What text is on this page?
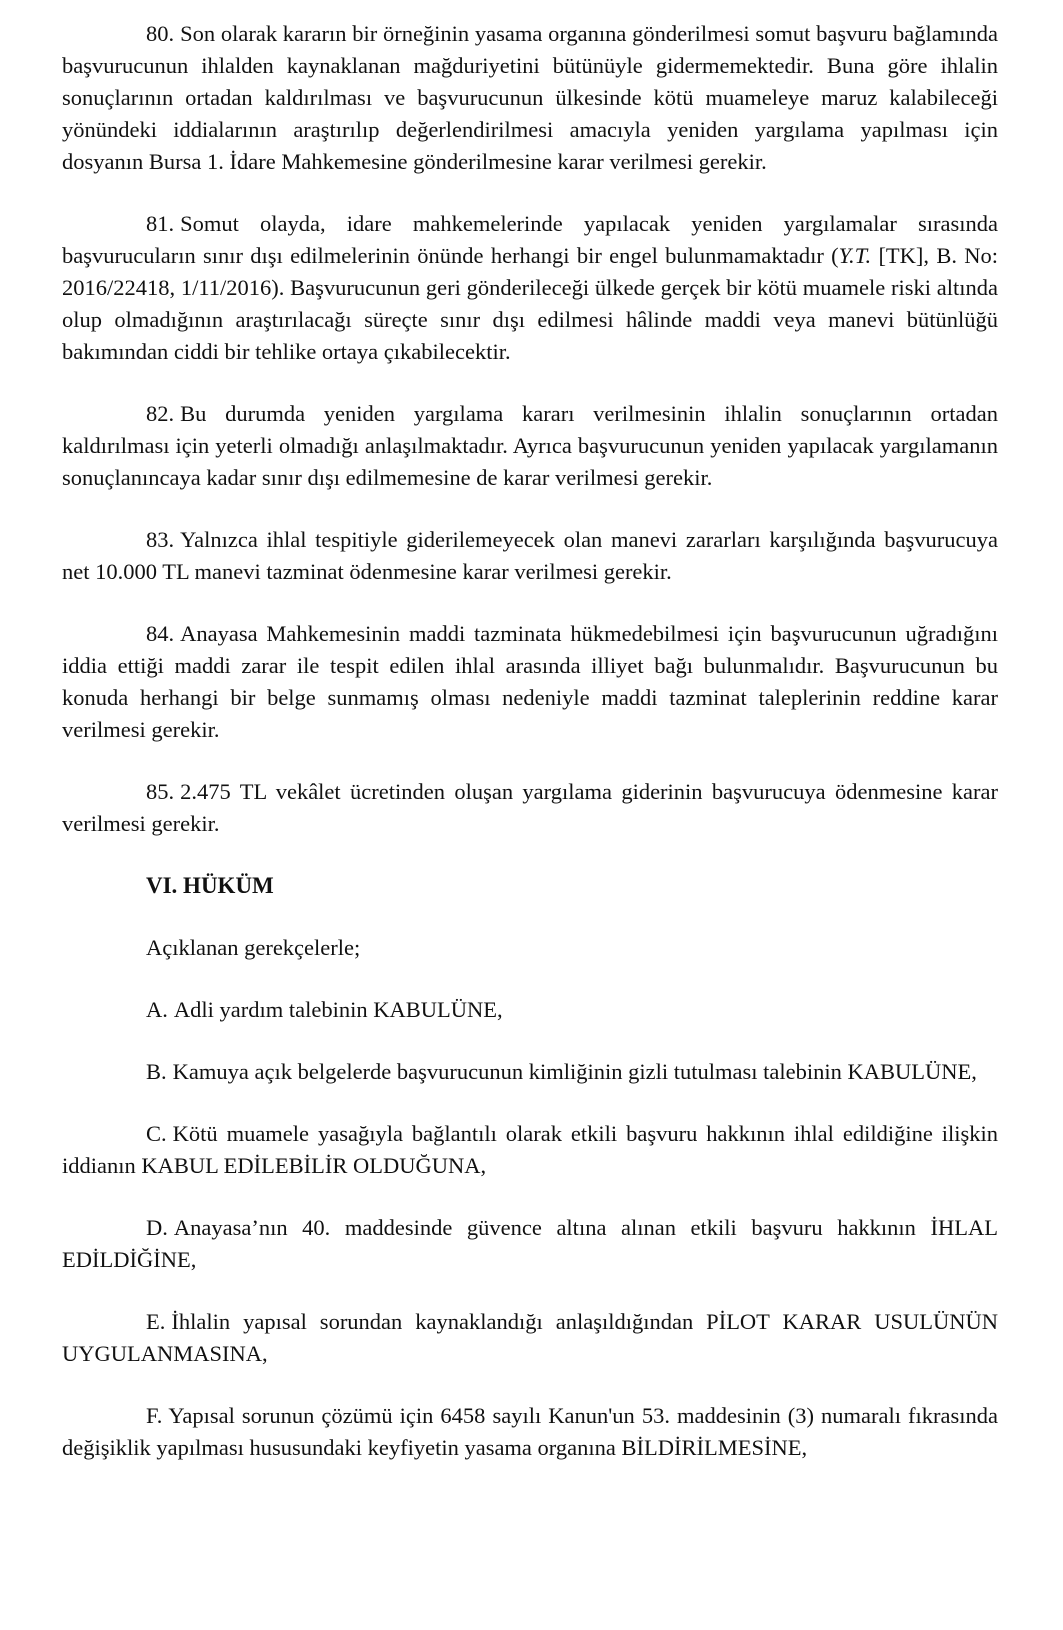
80. Son olarak kararın bir örneğinin yasama organına gönderilmesi somut başvuru bağlamında başvurucunun ihlalden kaynaklanan mağduriyetini bütünüyle gidermemektedir. Buna göre ihlalin sonuçlarının ortadan kaldırılması ve başvurucunun ülkesinde kötü muameleye maruz kalabileceği yönündeki iddialarının araştırılıp değerlendirilmesi amacıyla yeniden yargılama yapılması için dosyanın Bursa 1. İdare Mahkemesine gönderilmesine karar verilmesi gerekir.

81. Somut olayda, idare mahkemelerinde yapılacak yeniden yargılamalar sırasında başvurucuların sınır dışı edilmelerinin önünde herhangi bir engel bulunmamaktadır (Y.T. [TK], B. No: 2016/22418, 1/11/2016). Başvurucunun geri gönderileceği ülkede gerçek bir kötü muamele riski altında olup olmadığının araştırılacağı süreçte sınır dışı edilmesi hâlinde maddi veya manevi bütünlüğü bakımından ciddi bir tehlike ortaya çıkabilecektir.

82. Bu durumda yeniden yargılama kararı verilmesinin ihlalin sonuçlarının ortadan kaldırılması için yeterli olmadığı anlaşılmaktadır. Ayrıca başvurucunun yeniden yapılacak yargılamanın sonuçlanıncaya kadar sınır dışı edilmemesine de karar verilmesi gerekir.

83. Yalnızca ihlal tespitiyle giderilemeyecek olan manevi zararları karşılığında başvurucuya net 10.000 TL manevi tazminat ödenmesine karar verilmesi gerekir.

84. Anayasa Mahkemesinin maddi tazminata hükmedebilmesi için başvurucunun uğradığını iddia ettiği maddi zarar ile tespit edilen ihlal arasında illiyet bağı bulunmalıdır. Başvurucunun bu konuda herhangi bir belge sunmamış olması nedeniyle maddi tazminat taleplerinin reddine karar verilmesi gerekir.

85. 2.475 TL vekâlet ücretinden oluşan yargılama giderinin başvurucuya ödenmesine karar verilmesi gerekir.

VI. HÜKÜM

Açıklanan gerekçelerle;

A. Adli yardım talebinin KABULÜNE,

B. Kamuya açık belgelerde başvurucunun kimliğinin gizli tutulması talebinin KABULÜNE,

C. Kötü muamele yasağıyla bağlantılı olarak etkili başvuru hakkının ihlal edildiğine ilişkin iddianın KABUL EDİLEBİLİR OLDUĞUNA,

D. Anayasa’nın 40. maddesinde güvence altına alınan etkili başvuru hakkının İHLAL EDİLDİĞİNE,

E. İhlalin yapısal sorundan kaynaklandığı anlaşıldığından PİLOT KARAR USULÜNÜN UYGULANMASINA,

F. Yapısal sorunun çözümü için 6458 sayılı Kanun'un 53. maddesinin (3) numaralı fıkrasında değişiklik yapılması hususundaki keyfiyetin yasama organına BİLDİRİLMESİNE,
